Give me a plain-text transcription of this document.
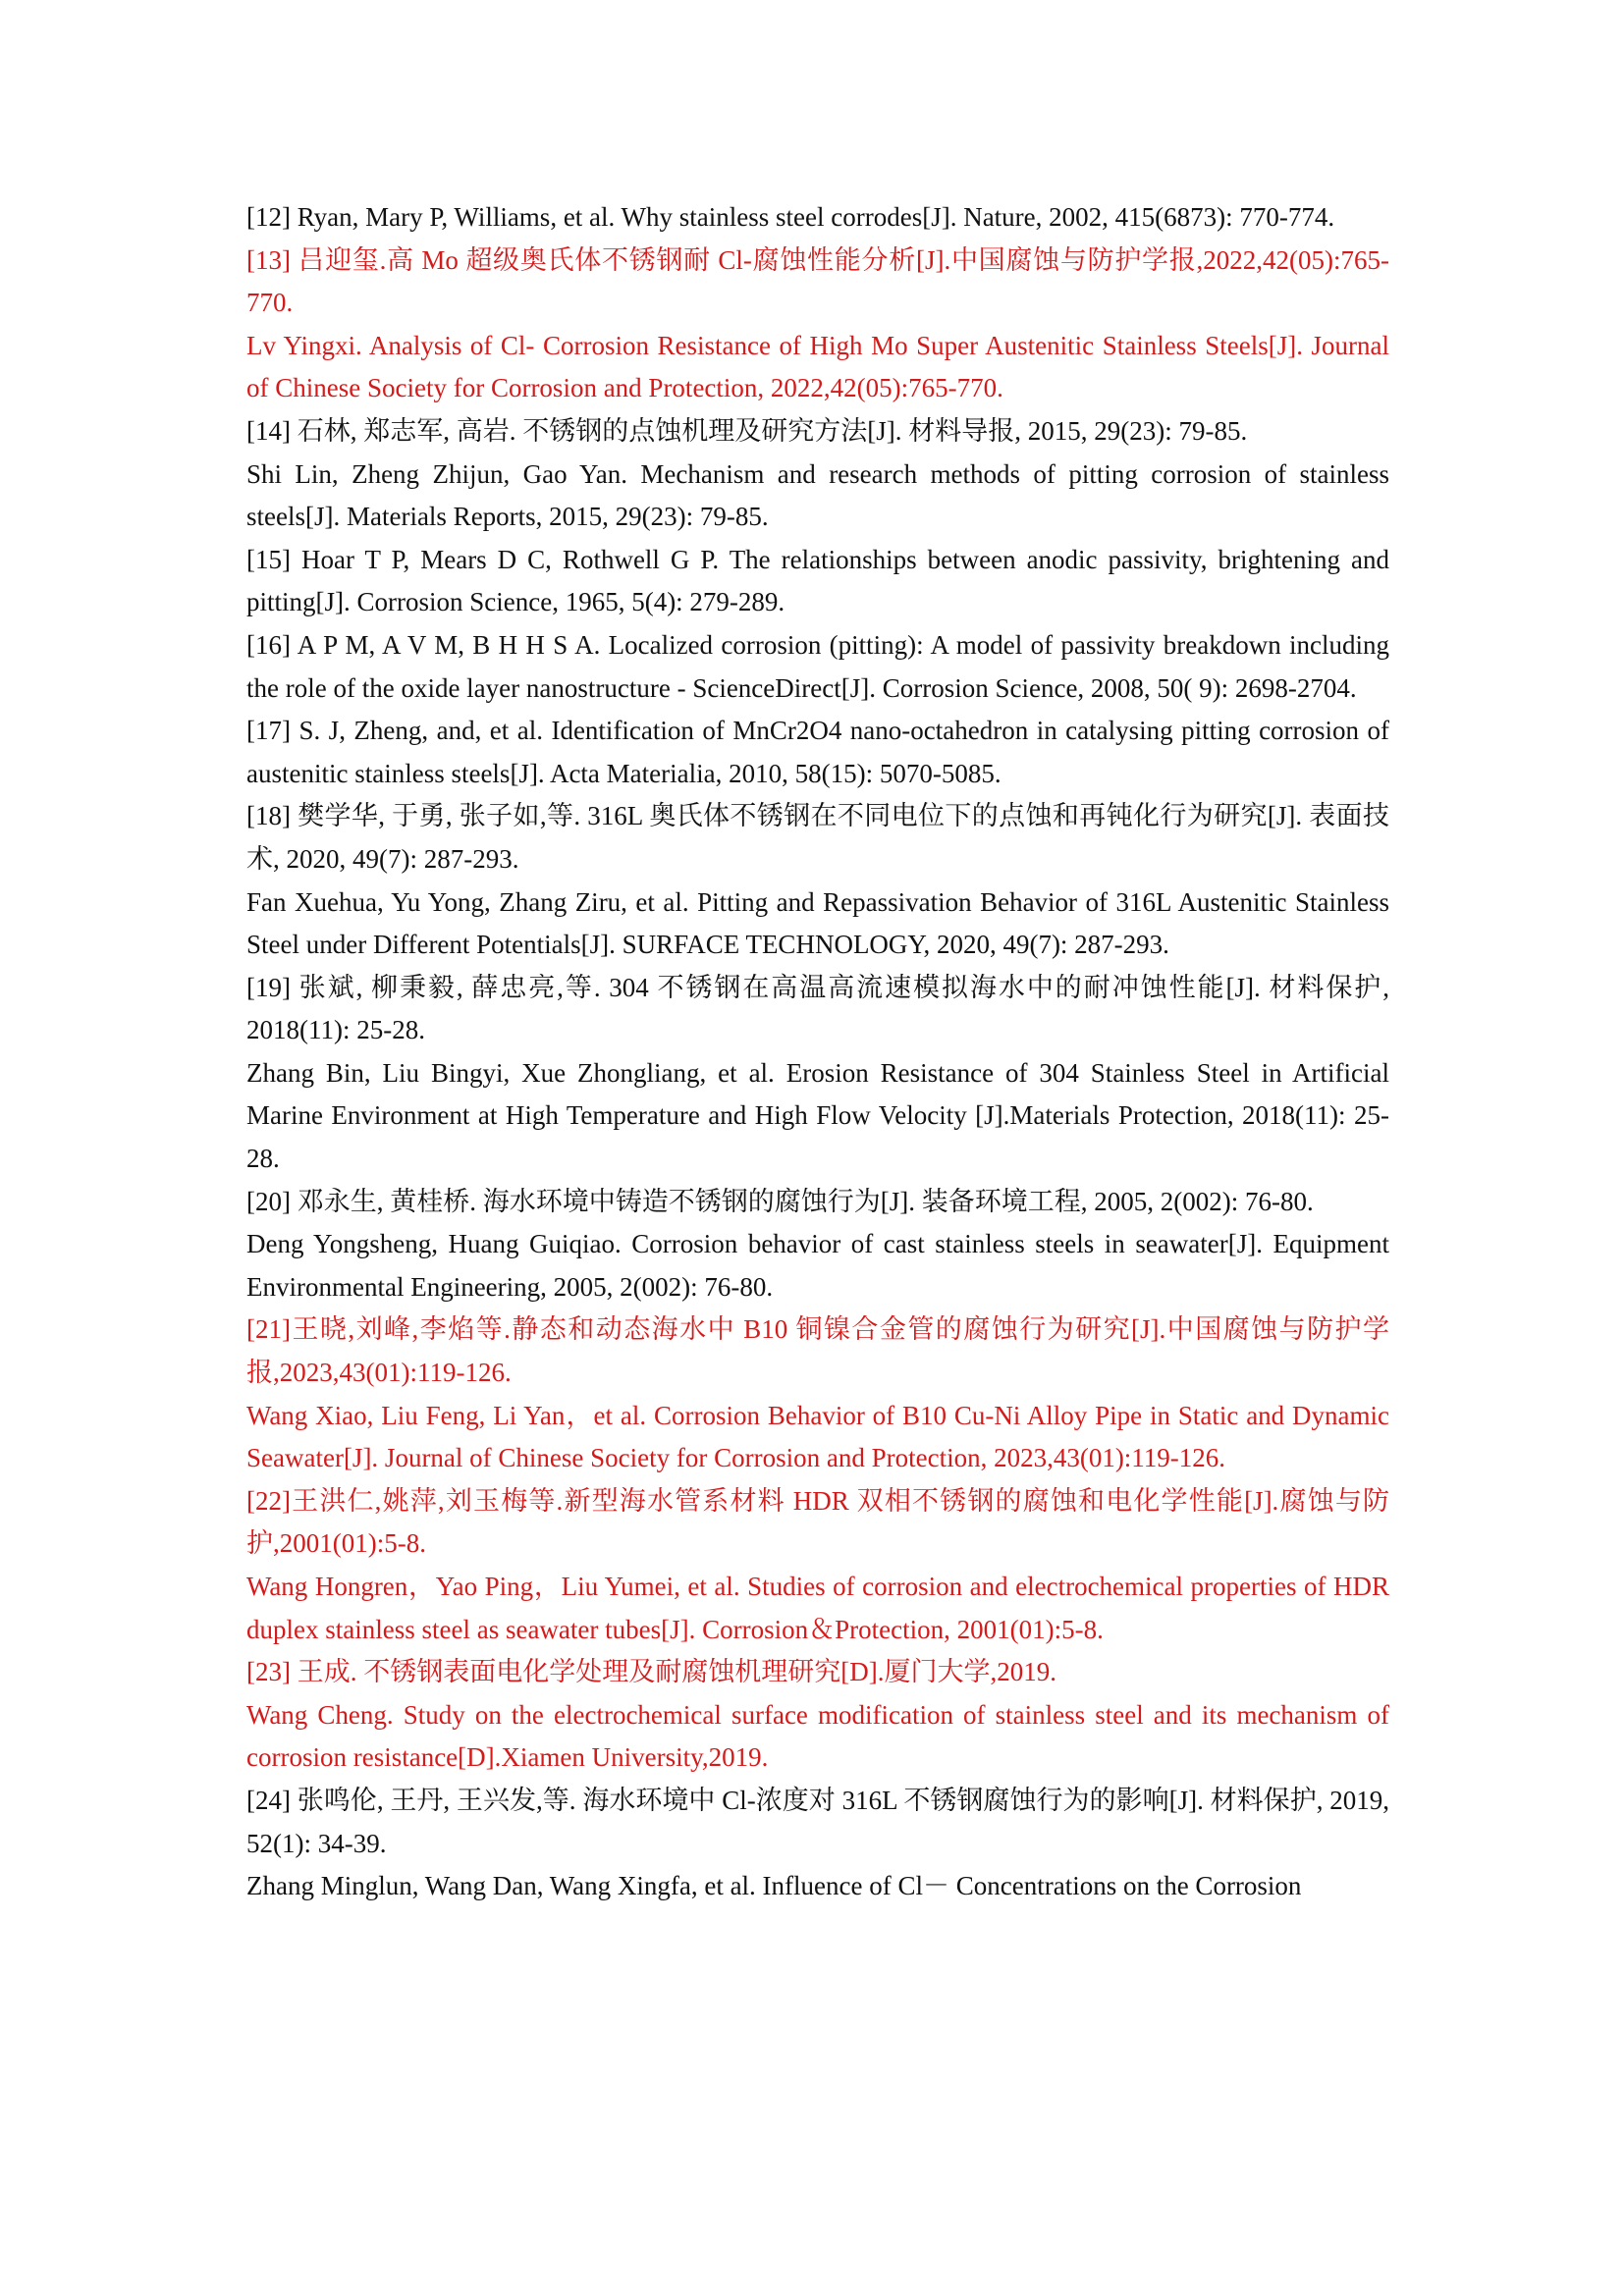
[12] Ryan, Mary P, Williams, et al. Why stainless steel corrodes[J]. Nature, 2002, 415(6873): 770-774.

[13] 吕迎玺.高 Mo 超级奥氏体不锈钢耐 Cl-腐蚀性能分析[J].中国腐蚀与防护学报,2022,42(05):765-770.

Lv Yingxi. Analysis of Cl- Corrosion Resistance of High Mo Super Austenitic Stainless Steels[J]. Journal of Chinese Society for Corrosion and Protection, 2022,42(05):765-770.

[14] 石林, 郑志军, 高岩. 不锈钢的点蚀机理及研究方法[J]. 材料导报, 2015, 29(23): 79-85.

Shi Lin, Zheng Zhijun, Gao Yan. Mechanism and research methods of pitting corrosion of stainless steels[J]. Materials Reports, 2015, 29(23): 79-85.

[15] Hoar T P, Mears D C, Rothwell G P. The relationships between anodic passivity, brightening and pitting[J]. Corrosion Science, 1965, 5(4): 279-289.

[16] A P M, A V M, B H H S A. Localized corrosion (pitting): A model of passivity breakdown including the role of the oxide layer nanostructure - ScienceDirect[J]. Corrosion Science, 2008, 50( 9): 2698-2704.

[17] S. J, Zheng, and, et al. Identification of MnCr2O4 nano-octahedron in catalysing pitting corrosion of austenitic stainless steels[J]. Acta Materialia, 2010, 58(15): 5070-5085.

[18] 樊学华, 于勇, 张子如,等. 316L 奥氏体不锈钢在不同电位下的点蚀和再钝化行为研究[J]. 表面技术, 2020, 49(7): 287-293.

Fan Xuehua, Yu Yong, Zhang Ziru, et al. Pitting and Repassivation Behavior of 316L Austenitic Stainless Steel under Different Potentials[J]. SURFACE TECHNOLOGY, 2020, 49(7): 287-293.

[19] 张斌, 柳秉毅, 薛忠亮,等. 304 不锈钢在高温高流速模拟海水中的耐冲蚀性能[J]. 材料保护, 2018(11): 25-28.

Zhang Bin, Liu Bingyi, Xue Zhongliang, et al. Erosion Resistance of 304 Stainless Steel in Artificial Marine Environment at High Temperature and High Flow Velocity [J].Materials Protection, 2018(11): 25-28.

[20] 邓永生, 黄桂桥. 海水环境中铸造不锈钢的腐蚀行为[J]. 装备环境工程, 2005, 2(002): 76-80.

Deng Yongsheng, Huang Guiqiao. Corrosion behavior of cast stainless steels in seawater[J]. Equipment Environmental Engineering, 2005, 2(002): 76-80.

[21]王晓,刘峰,李焰等.静态和动态海水中 B10 铜镍合金管的腐蚀行为研究[J].中国腐蚀与防护学报,2023,43(01):119-126.

Wang Xiao, Liu Feng, Li Yan，et al. Corrosion Behavior of B10 Cu-Ni Alloy Pipe in Static and Dynamic Seawater[J]. Journal of Chinese Society for Corrosion and Protection, 2023,43(01):119-126.

[22]王洪仁,姚萍,刘玉梅等.新型海水管系材料 HDR 双相不锈钢的腐蚀和电化学性能[J].腐蚀与防护,2001(01):5-8.

Wang Hongren，Yao Ping，Liu Yumei, et al. Studies of corrosion and electrochemical properties of HDR duplex stainless steel as seawater tubes[J]. Corrosion＆Protection, 2001(01):5-8.

[23] 王成. 不锈钢表面电化学处理及耐腐蚀机理研究[D].厦门大学,2019.

Wang Cheng. Study on the electrochemical surface modification of stainless steel and its mechanism of corrosion resistance[D].Xiamen University,2019.

[24] 张鸣伦, 王丹, 王兴发,等. 海水环境中 Cl-浓度对 316L 不锈钢腐蚀行为的影响[J]. 材料保护, 2019, 52(1): 34-39.

Zhang Minglun, Wang Dan, Wang Xingfa, et al. Influence of Cl－ Concentrations on the Corrosion
